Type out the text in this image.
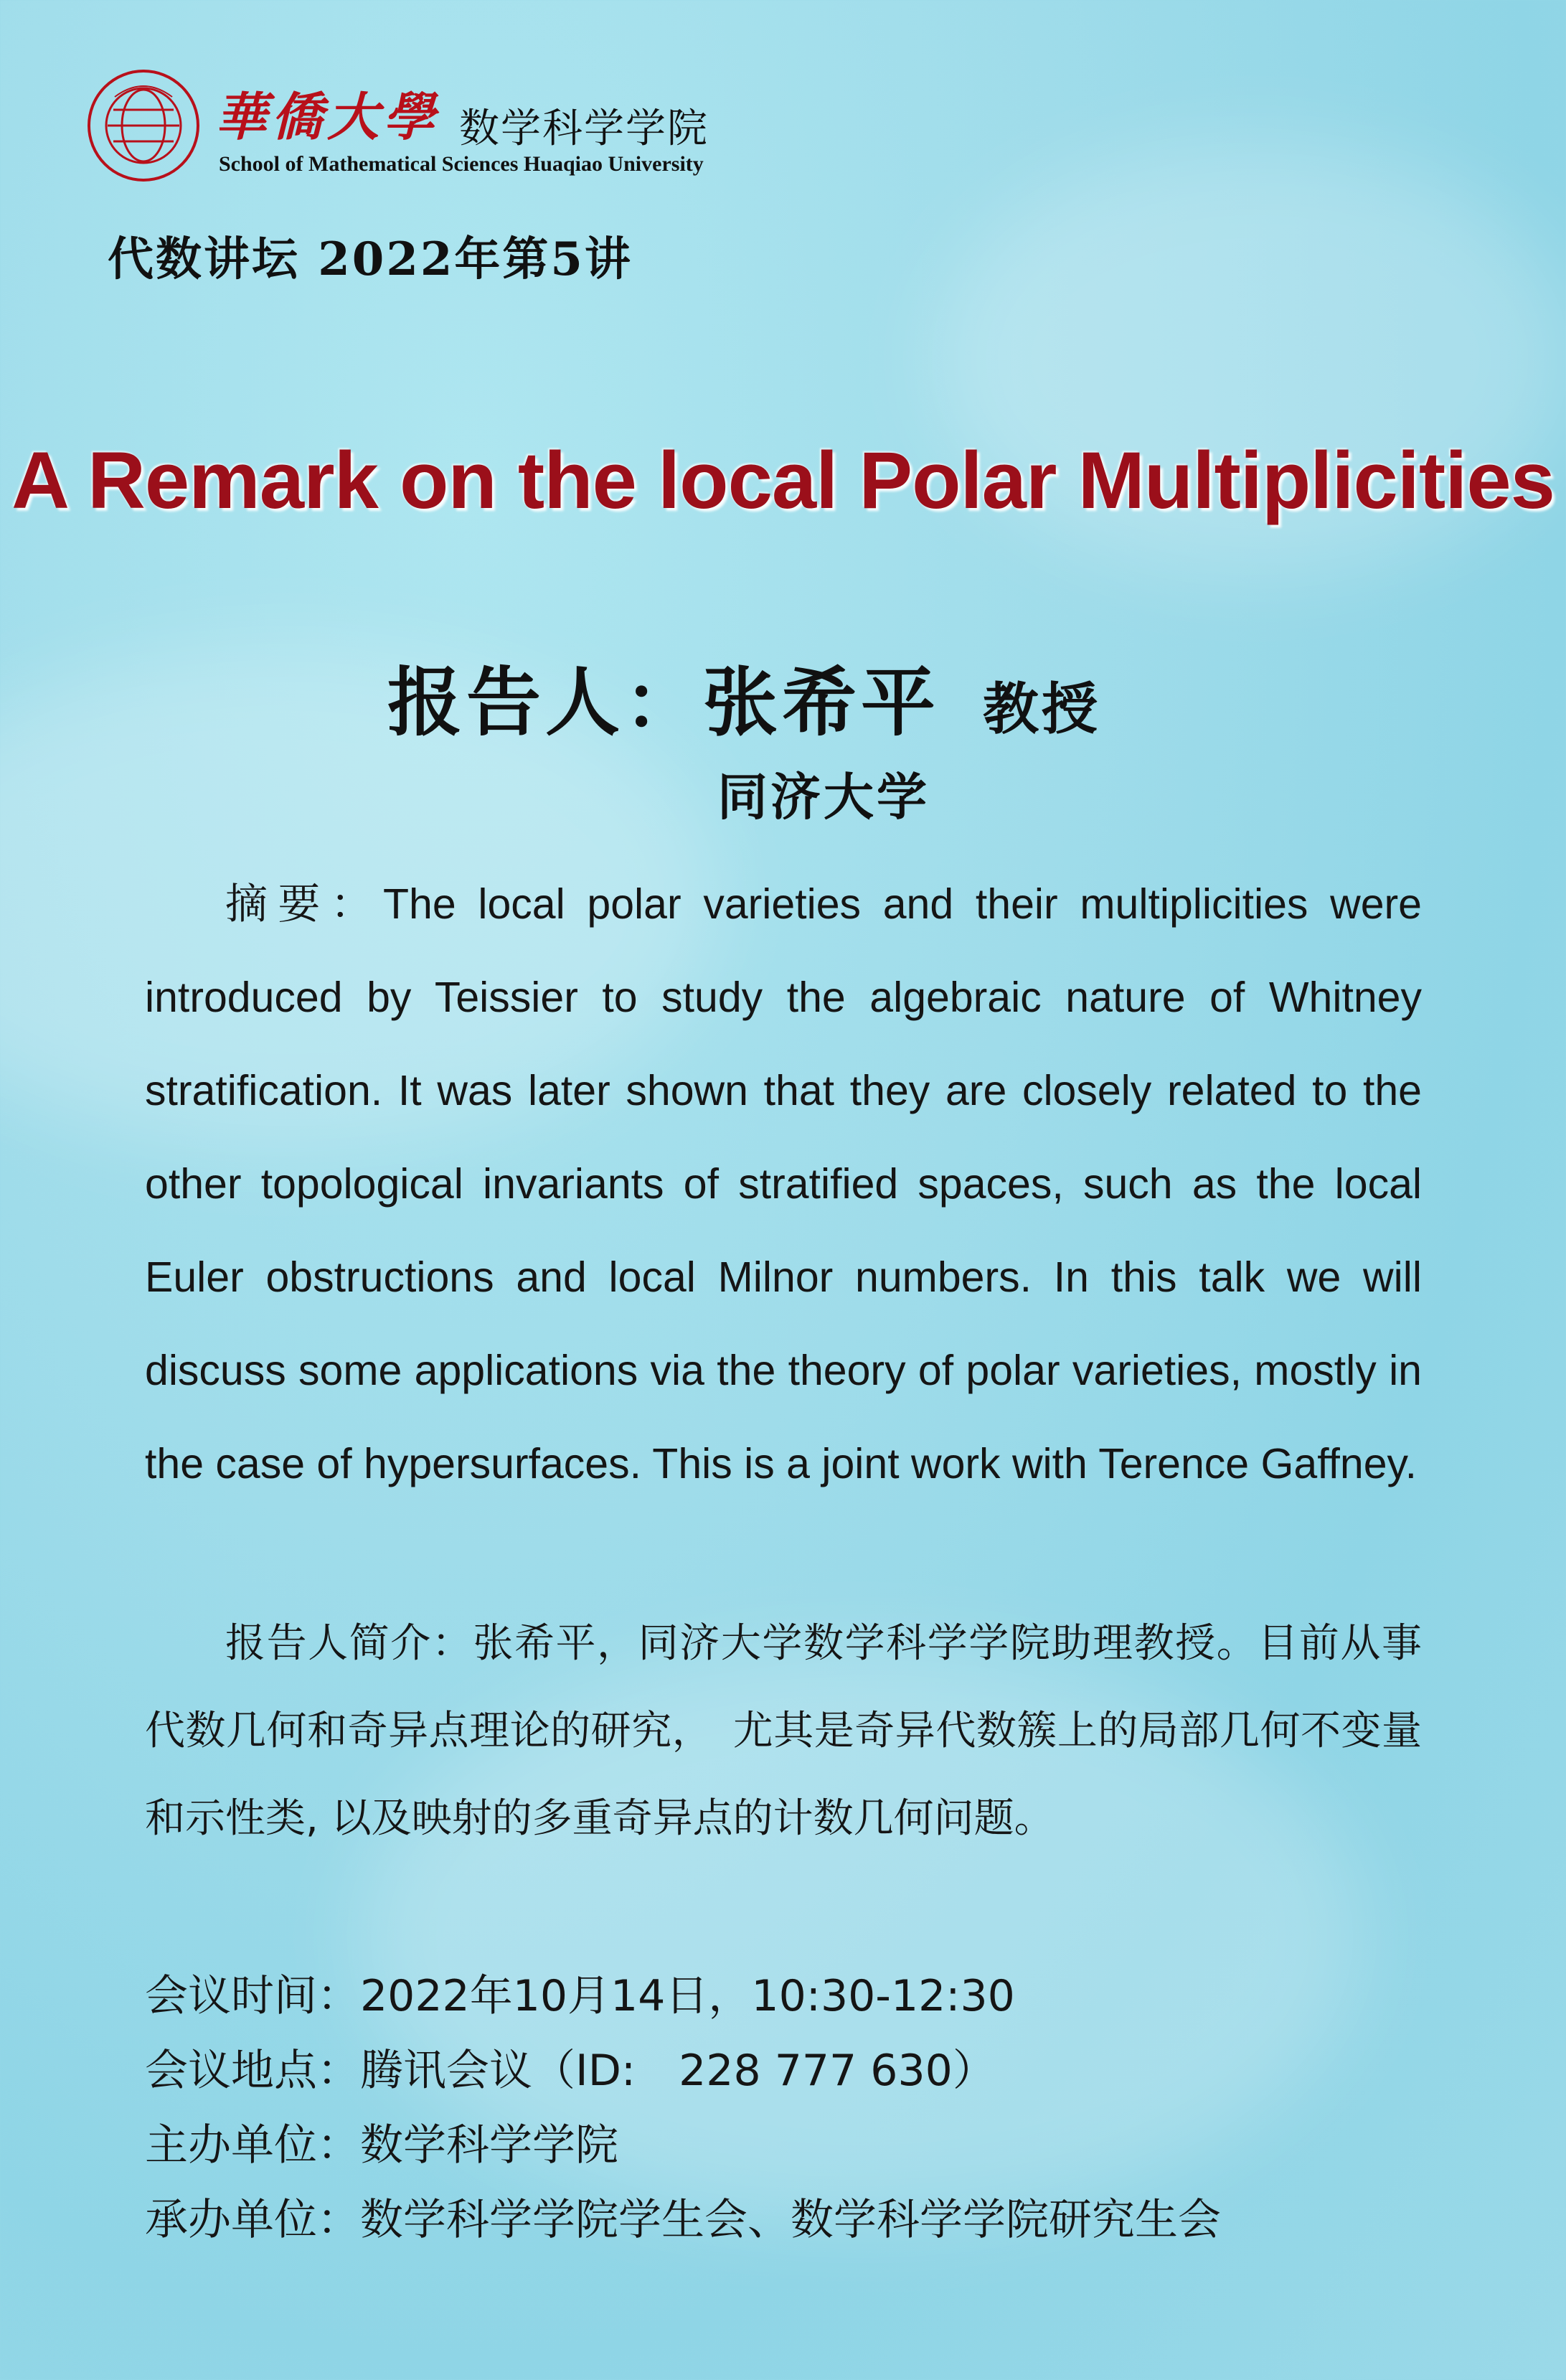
華僑大學 数学科学学院
School of Mathematical Sciences Huaqiao University
代数讲坛 2022年第5讲
A Remark on the local Polar Multiplicities
报告人：张希平 教授
同济大学

摘要：The local polar varieties and their multiplicities were introduced by Teissier to study the algebraic nature of Whitney stratification. It was later shown that they are closely related to the other topological invariants of stratified spaces, such as the local Euler obstructions and local Milnor numbers. In this talk we will discuss some applications via the theory of polar varieties, mostly in the case of hypersurfaces. This is a joint work with Terence Gaffney.

报告人简介：张希平，同济大学数学科学学院助理教授。目前从事代数几何和奇异点理论的研究，　尤其是奇异代数簇上的局部几何不变量和示性类, 以及映射的多重奇异点的计数几何问题。

会议时间：2022年10月14日，10:30-12:30
会议地点：腾讯会议（ID:　228 777 630）
主办单位：数学科学学院
承办单位：数学科学学院学生会、数学科学学院研究生会
